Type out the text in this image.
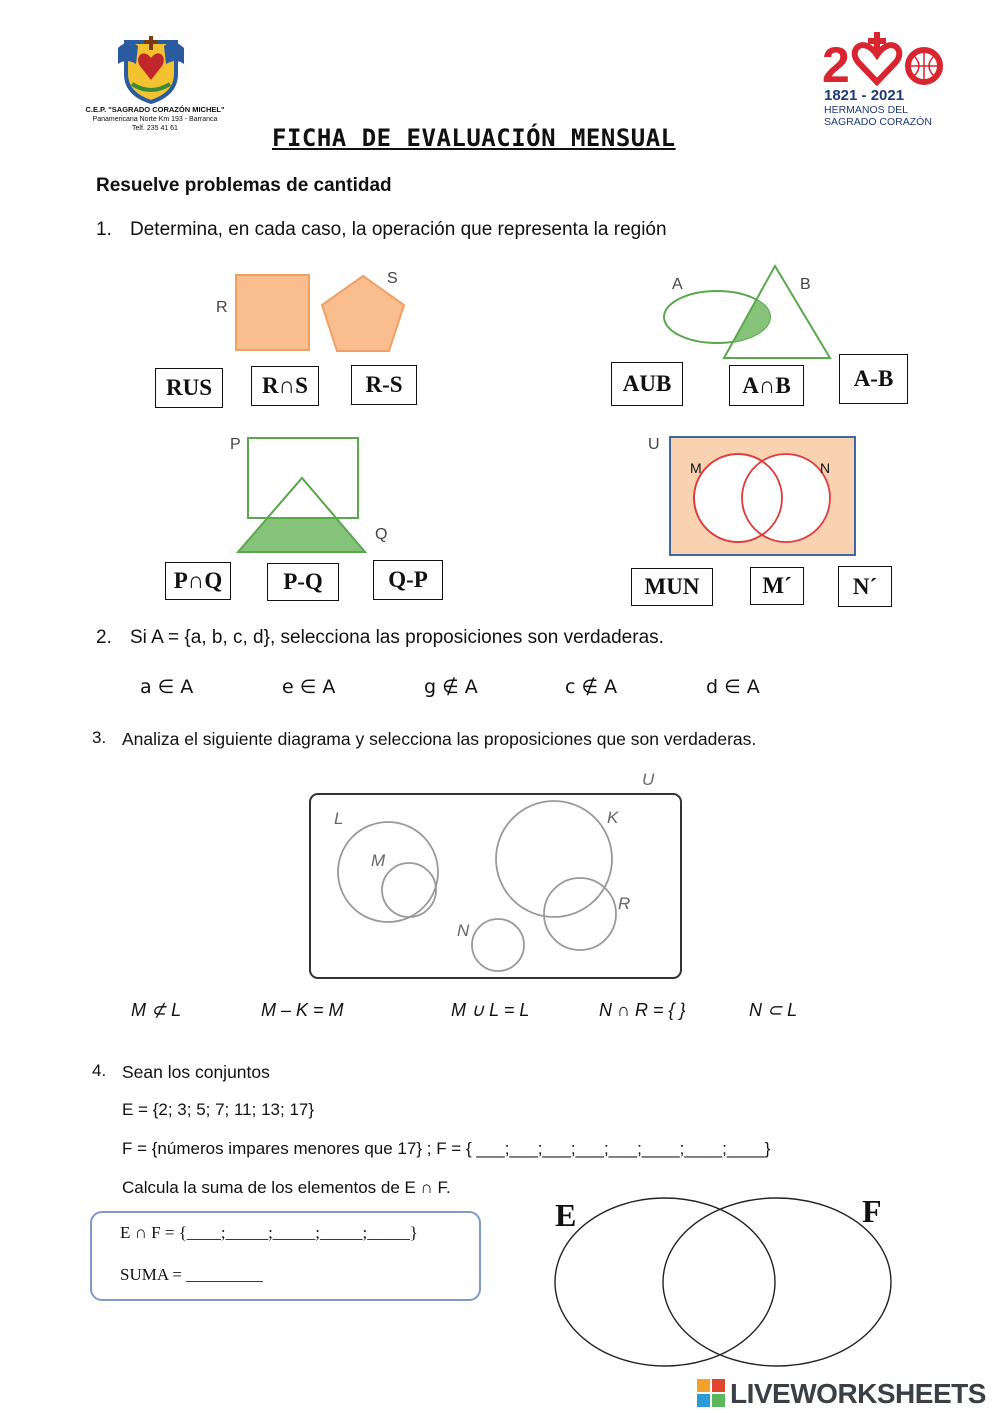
C.E.P. "SAGRADO CORAZÓN MICHEL"
Panamericana Norte Km 193 - Barranca
Telf. 235 41 61
2
1821 - 2021
HERMANOS DEL
SAGRADO CORAZÓN
FICHA DE EVALUACIÓN MENSUAL
Resuelve problemas de cantidad
1. Determina, en cada caso, la operación que representa la región
R
S
RUS	R∩S	R-S
A	B
AUB	A∩B	A-B
P
Q
P∩Q	P-Q	Q-P
U
M	N
MUN	M´	N´
2. Si A = {a, b, c, d}, selecciona las proposiciones son verdaderas.
a ∈ A	e ∈ A	g ∉ A	c ∉ A	d ∈ A
3. Analiza el siguiente diagrama y selecciona las proposiciones que son verdaderas.
U
L
M
K
R
N
M ⊄ L	M – K = M	M ∪ L = L	N ∩ R = { }	N ⊂ L
4. Sean los conjuntos
E = {2; 3; 5; 7; 11; 13; 17}
F = {números impares menores que 17} ; F = { ___;___;___;___;___;____;____;____}
Calcula la suma de los elementos de E ∩ F.
E ∩ F = {____;_____;_____;_____;_____}
SUMA = _________
E	F
LIVEWORKSHEETS
